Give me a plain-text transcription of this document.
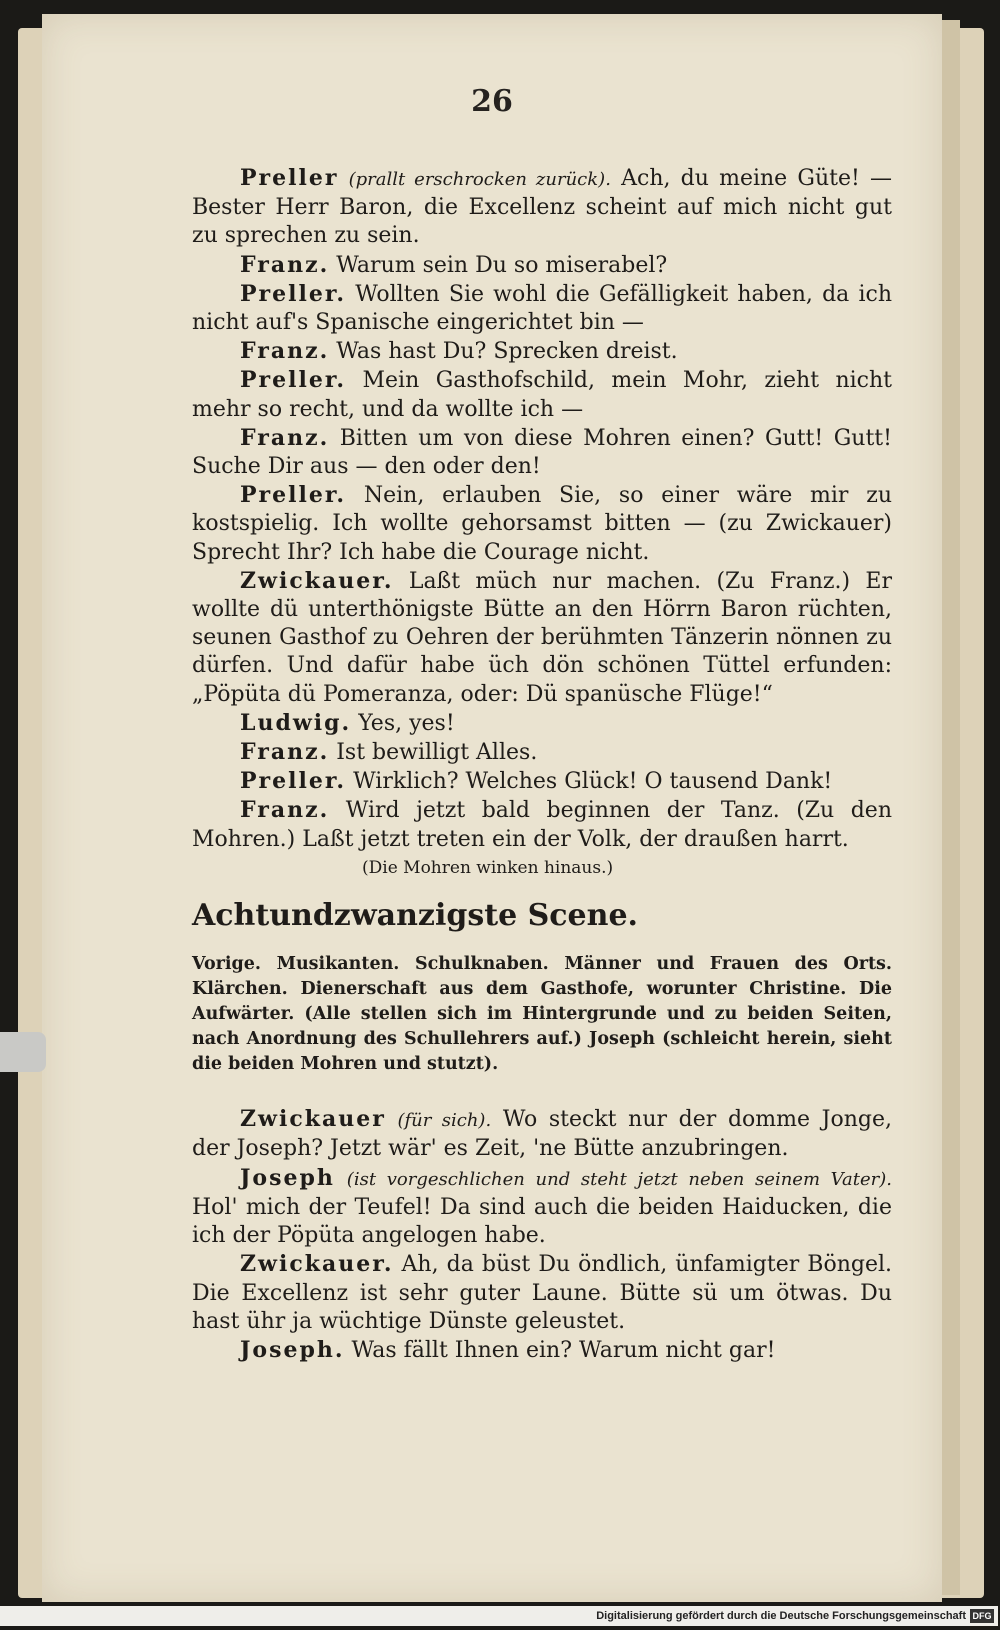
26

Preller (prallt erschrocken zurück). Ach, du meine Güte! — Bester Herr Baron, die Excellenz scheint auf mich nicht gut zu sprechen zu sein.

Franz. Warum sein Du so miserabel?

Preller. Wollten Sie wohl die Gefälligkeit haben, da ich nicht auf's Spanische eingerichtet bin —

Franz. Was hast Du? Sprecken dreist.

Preller. Mein Gasthofschild, mein Mohr, zieht nicht mehr so recht, und da wollte ich —

Franz. Bitten um von diese Mohren einen? Gutt! Gutt! Suche Dir aus — den oder den!

Preller. Nein, erlauben Sie, so einer wäre mir zu kostspielig. Ich wollte gehorsamst bitten — (zu Zwickauer) Sprecht Ihr? Ich habe die Courage nicht.

Zwickauer. Laßt müch nur machen. (Zu Franz.) Er wollte dü unterthönigste Bütte an den Hörrn Baron rüchten, seunen Gasthof zu Oehren der berühmten Tänzerin nönnen zu dürfen. Und dafür habe üch dön schönen Tüttel erfunden: „Pöpüta dü Pomeranza, oder: Dü spanüsche Flüge!“

Ludwig. Yes, yes!

Franz. Ist bewilligt Alles.

Preller. Wirklich? Welches Glück! O tausend Dank!

Franz. Wird jetzt bald beginnen der Tanz. (Zu den Mohren.) Laßt jetzt treten ein der Volk, der draußen harrt.

(Die Mohren winken hinaus.)

Achtundzwanzigste Scene.

Vorige. Musikanten. Schulknaben. Männer und Frauen des Orts. Klärchen. Dienerschaft aus dem Gasthofe, worunter Christine. Die Aufwärter. (Alle stellen sich im Hintergrunde und zu beiden Seiten, nach Anordnung des Schullehrers auf.) Joseph (schleicht herein, sieht die beiden Mohren und stutzt).

Zwickauer (für sich). Wo steckt nur der domme Jonge, der Joseph? Jetzt wär' es Zeit, 'ne Bütte anzubringen.

Joseph (ist vorgeschlichen und steht jetzt neben seinem Vater). Hol' mich der Teufel! Da sind auch die beiden Haiducken, die ich der Pöpüta angelogen habe.

Zwickauer. Ah, da büst Du öndlich, ünfamigter Böngel. Die Excellenz ist sehr guter Laune. Bütte sü um ötwas. Du hast ühr ja wüchtige Dünste geleustet.

Joseph. Was fällt Ihnen ein? Warum nicht gar!

Digitalisierung gefördert durch die Deutsche Forschungsgemeinschaft DFG
